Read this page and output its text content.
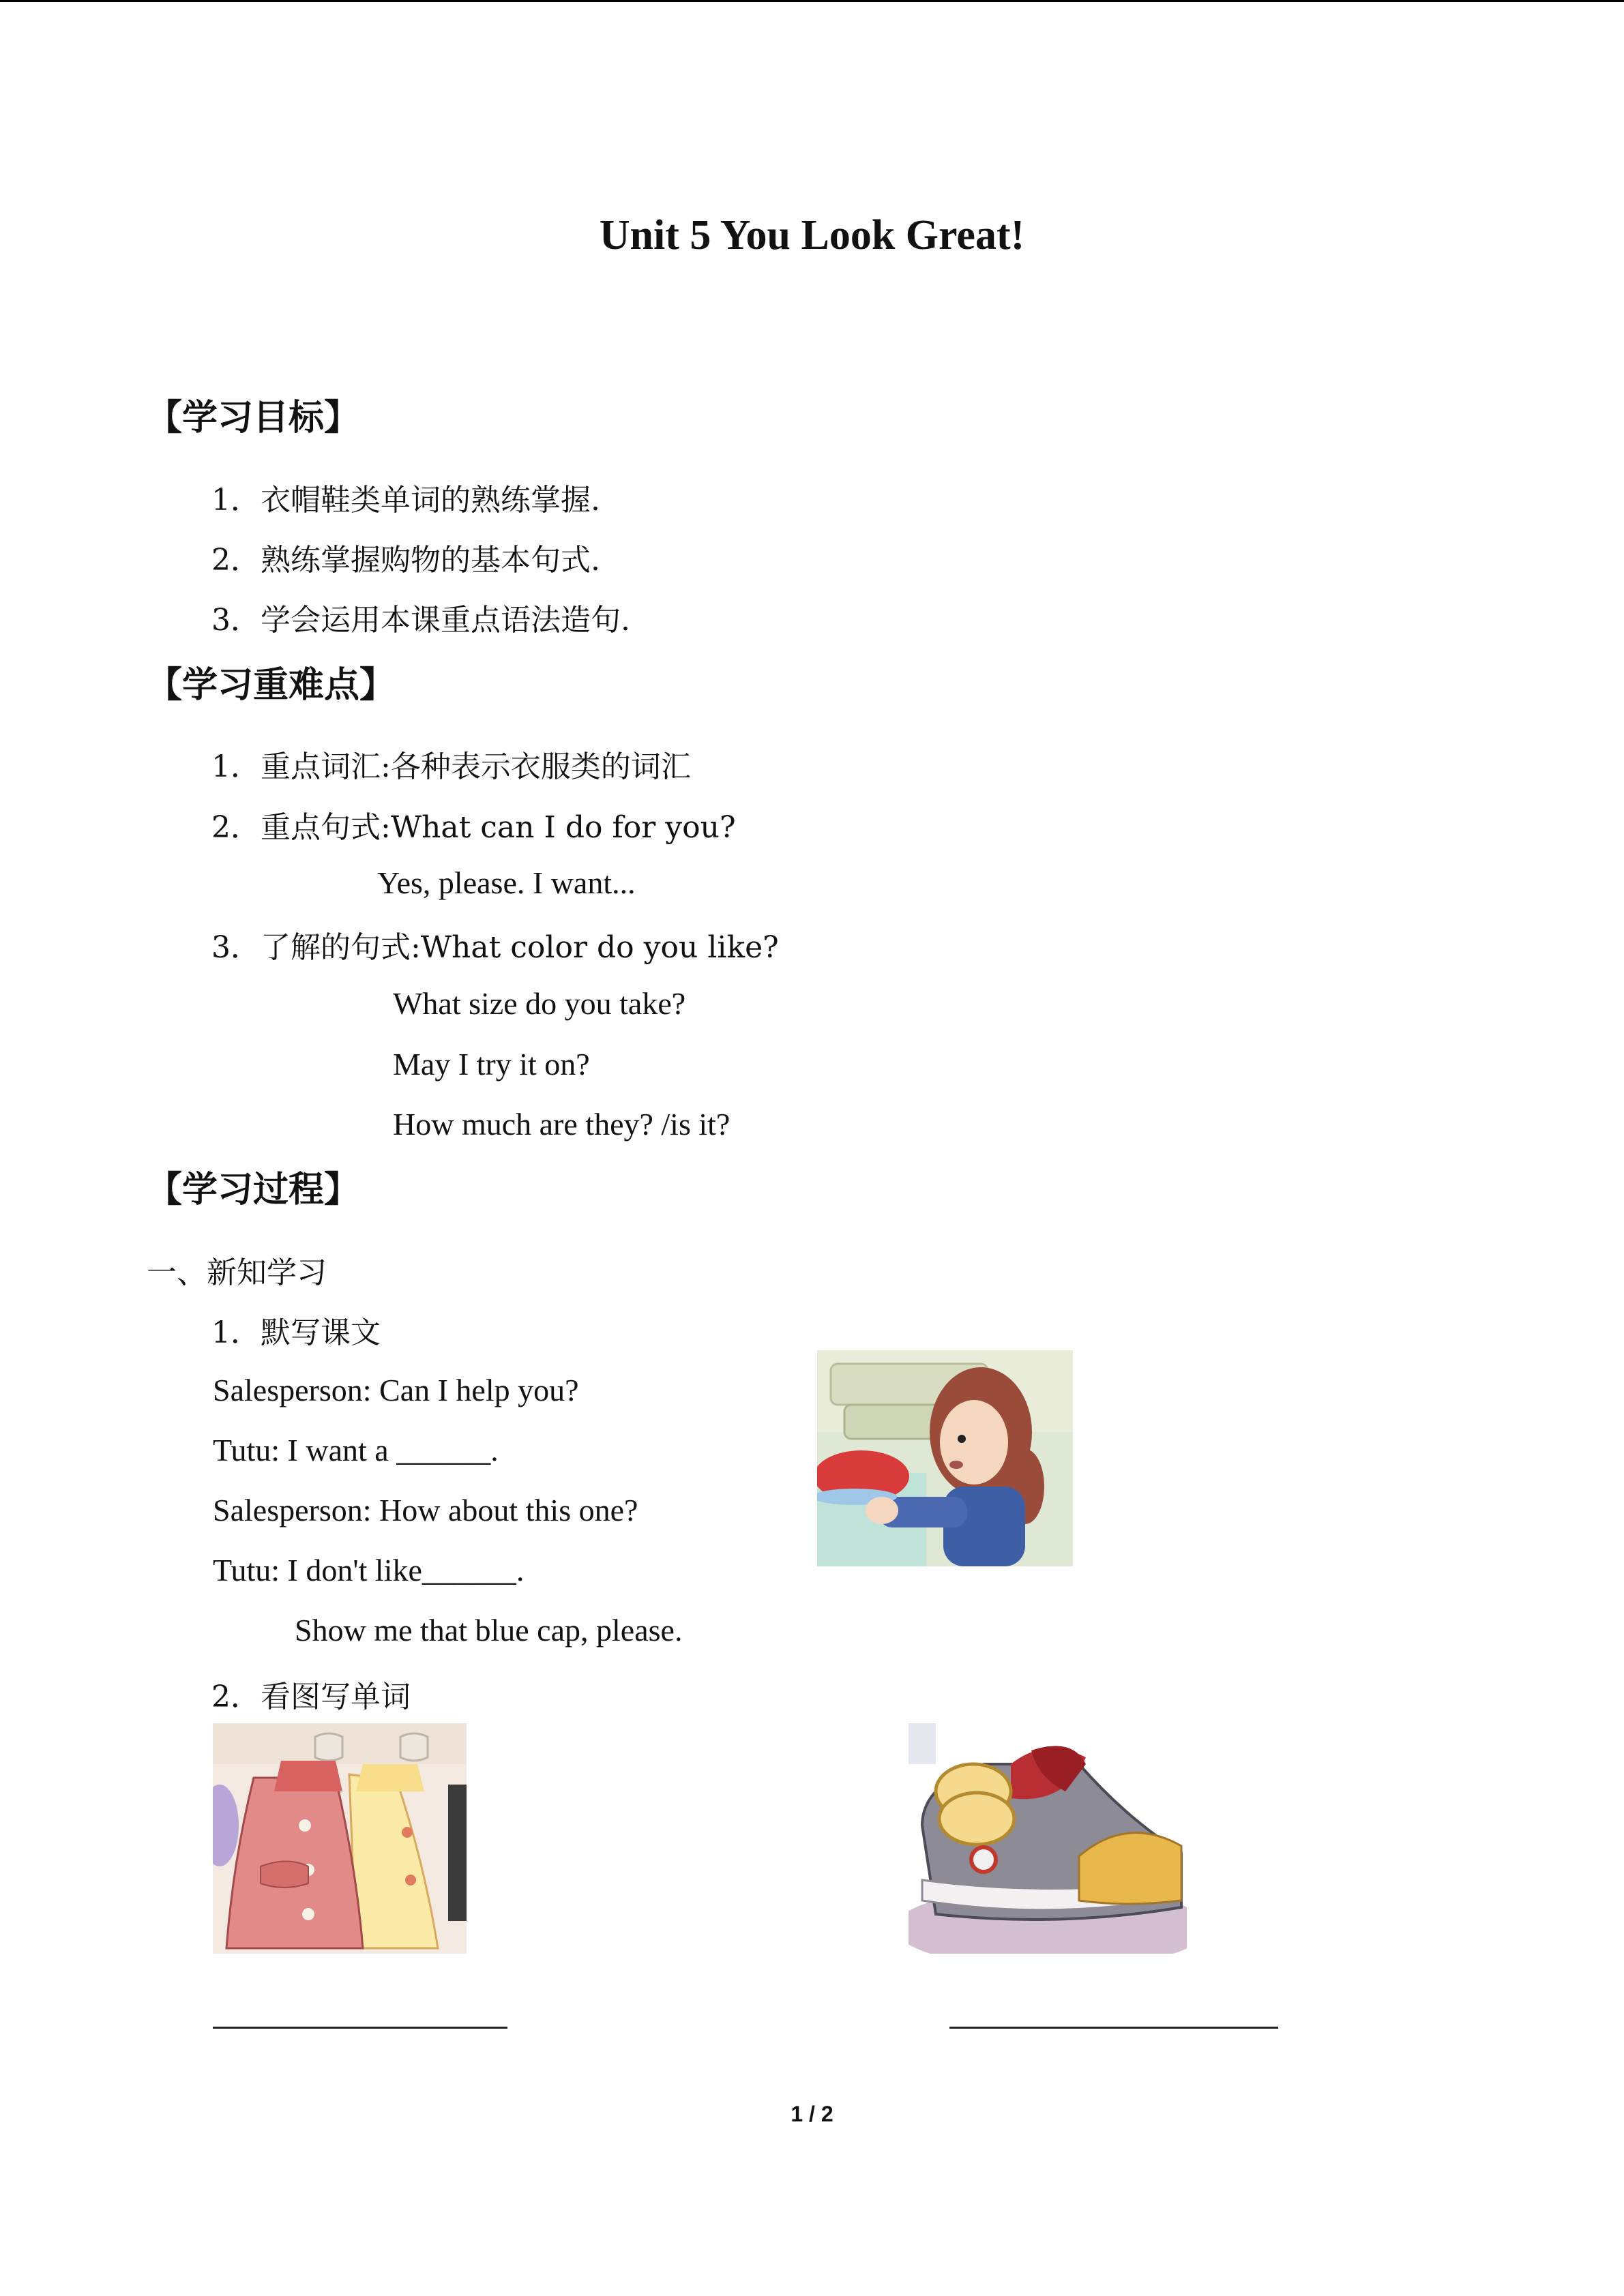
Unit 5 You Look Great!
【学习目标】
1．衣帽鞋类单词的熟练掌握.
2．熟练掌握购物的基本句式.
3．学会运用本课重点语法造句.
【学习重难点】
1．重点词汇:各种表示衣服类的词汇
2．重点句式:What can I do for you?
Yes, please. I want...
3．了解的句式:What color do you like?
What size do you take?
May I try it on?
How much are they? /is it?
【学习过程】
一、新知学习
1．默写课文
Salesperson: Can I help you?
Tutu: I want a ______.
Salesperson: How about this one?
Tutu: I don't like______.
Show me that blue cap, please.
2．看图写单词
1 / 2
